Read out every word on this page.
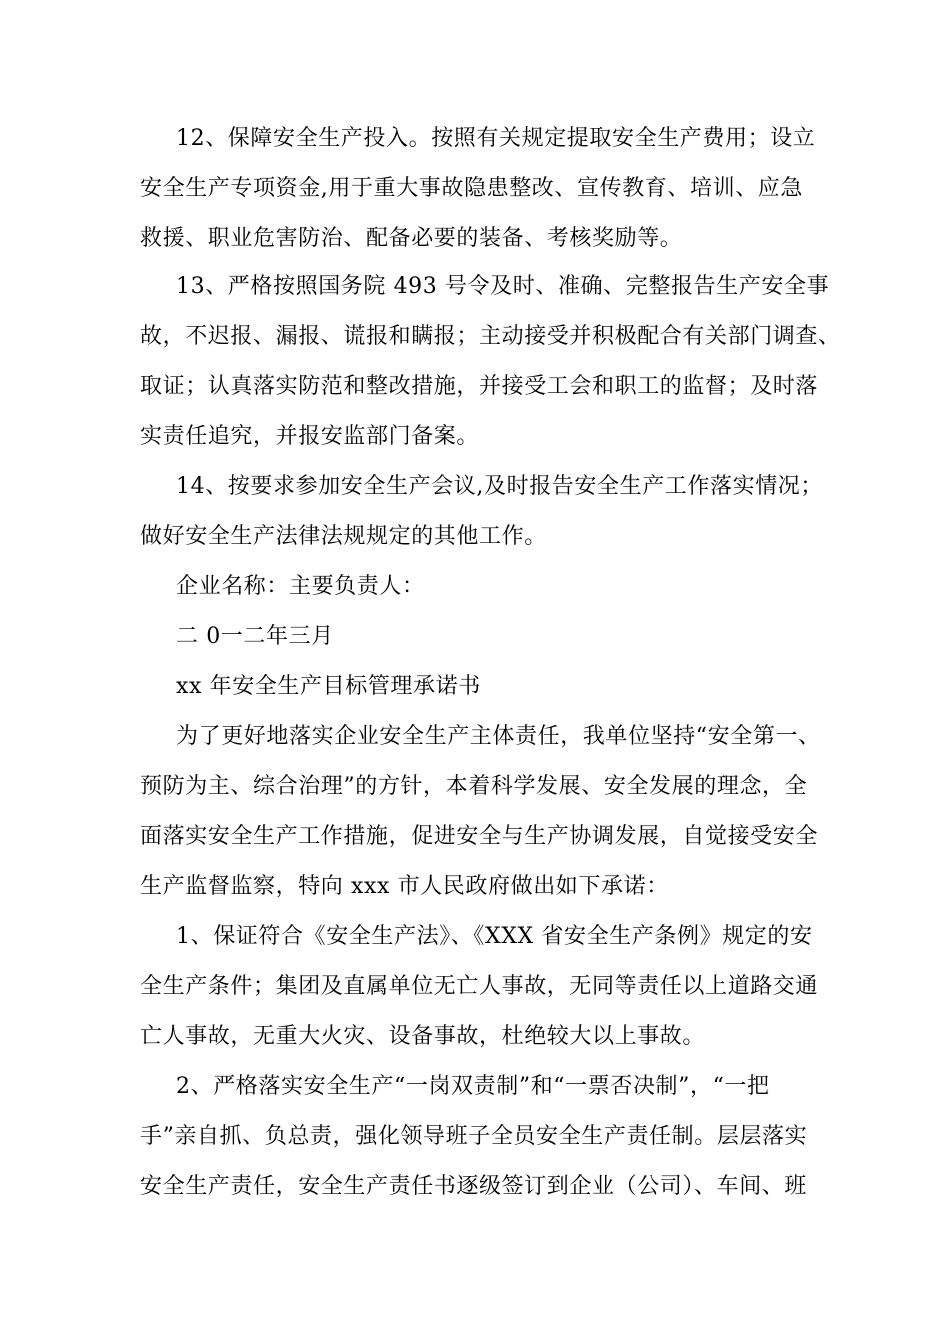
12、保障安全生产投入。按照有关规定提取安全生产费用；设立
安全生产专项资金,用于重大事故隐患整改、宣传教育、培训、应急
救援、职业危害防治、配备必要的装备、考核奖励等。
13、严格按照国务院 493 号令及时、准确、完整报告生产安全事
故，不迟报、漏报、谎报和瞒报；主动接受并积极配合有关部门调查、
取证；认真落实防范和整改措施，并接受工会和职工的监督；及时落
实责任追究，并报安监部门备案。
14、按要求参加安全生产会议,及时报告安全生产工作落实情况；
做好安全生产法律法规规定的其他工作。
企业名称：主要负责人：
二 0一二年三月
xx 年安全生产目标管理承诺书
为了更好地落实企业安全生产主体责任，我单位坚持“安全第一、
预防为主、综合治理”的方针，本着科学发展、安全发展的理念，全
面落实安全生产工作措施，促进安全与生产协调发展，自觉接受安全
生产监督监察，特向 xxx 市人民政府做出如下承诺：
1、保证符合《安全生产法》、《XXX 省安全生产条例》规定的安
全生产条件；集团及直属单位无亡人事故，无同等责任以上道路交通
亡人事故，无重大火灾、设备事故，杜绝较大以上事故。
2、严格落实安全生产“一岗双责制”和“一票否决制”，“一把
手”亲自抓、负总责，强化领导班子全员安全生产责任制。层层落实
安全生产责任，安全生产责任书逐级签订到企业（公司）、车间、班
